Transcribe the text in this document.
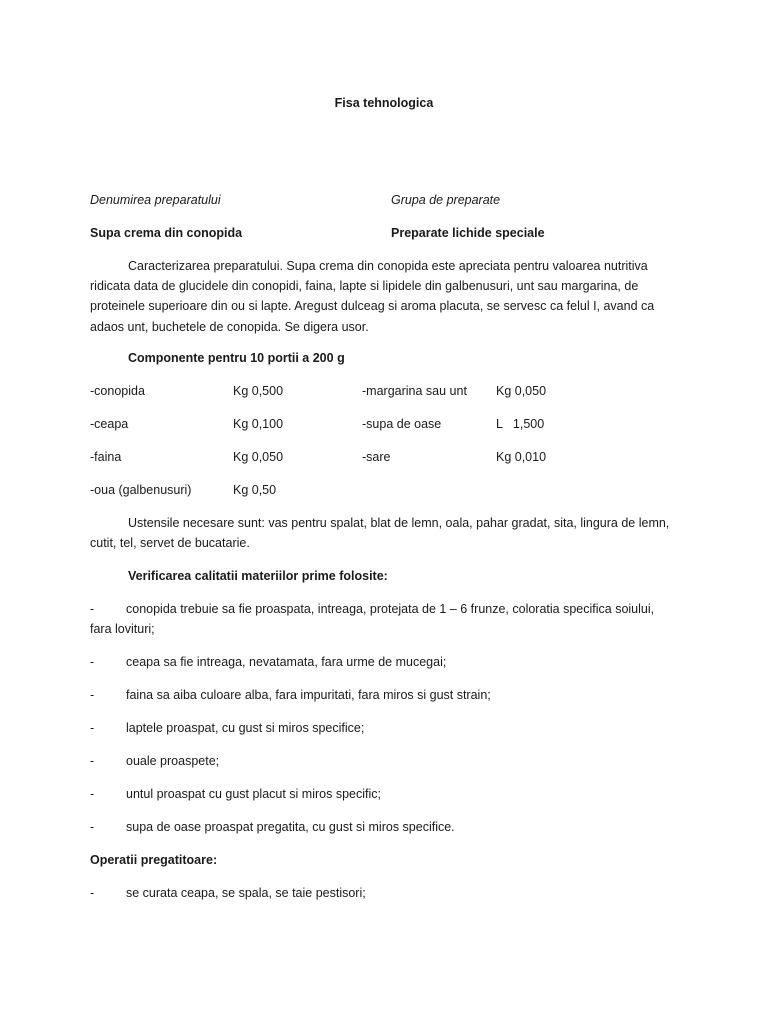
Fisa tehnologica
Denumirea preparatului	Grupa de preparate
Supa crema din conopida	Preparate lichide speciale
Caracterizarea preparatului. Supa crema din conopida este apreciata pentru valoarea nutritiva
ridicata data de glucidele din conopidi, faina, lapte si lipidele din galbenusuri, unt sau margarina, de
proteinele superioare din ou si lapte. Aregust dulceag si aroma placuta, se servesc ca felul I, avand ca
adaos unt, buchetele de conopida. Se digera usor.
Componente pentru 10 portii a 200 g
-conopida	Kg 0,500	-margarina sau unt Kg 0,050
-ceapa	Kg 0,100	-supa de oase	L   1,500
-faina	Kg 0,050	-sare	Kg 0,010
-oua (galbenusuri)	Kg 0,50
Ustensile necesare sunt: vas pentru spalat, blat de lemn, oala, pahar gradat, sita, lingura de lemn,
cutit, tel, servet de bucatarie.
Verificarea calitatii materiilor prime folosite:
-	conopida trebuie sa fie proaspata, intreaga, protejata de 1 – 6 frunze, coloratia specifica soiului,
fara lovituri;
-	ceapa sa fie intreaga, nevatamata, fara urme de mucegai;
-	faina sa aiba culoare alba, fara impuritati, fara miros si gust strain;
-	laptele proaspat, cu gust si miros specifice;
-	ouale proaspete;
-	untul proaspat cu gust placut si miros specific;
-	supa de oase proaspat pregatita, cu gust si miros specifice.
Operatii pregatitoare:
-	se curata ceapa, se spala, se taie pestisori;
